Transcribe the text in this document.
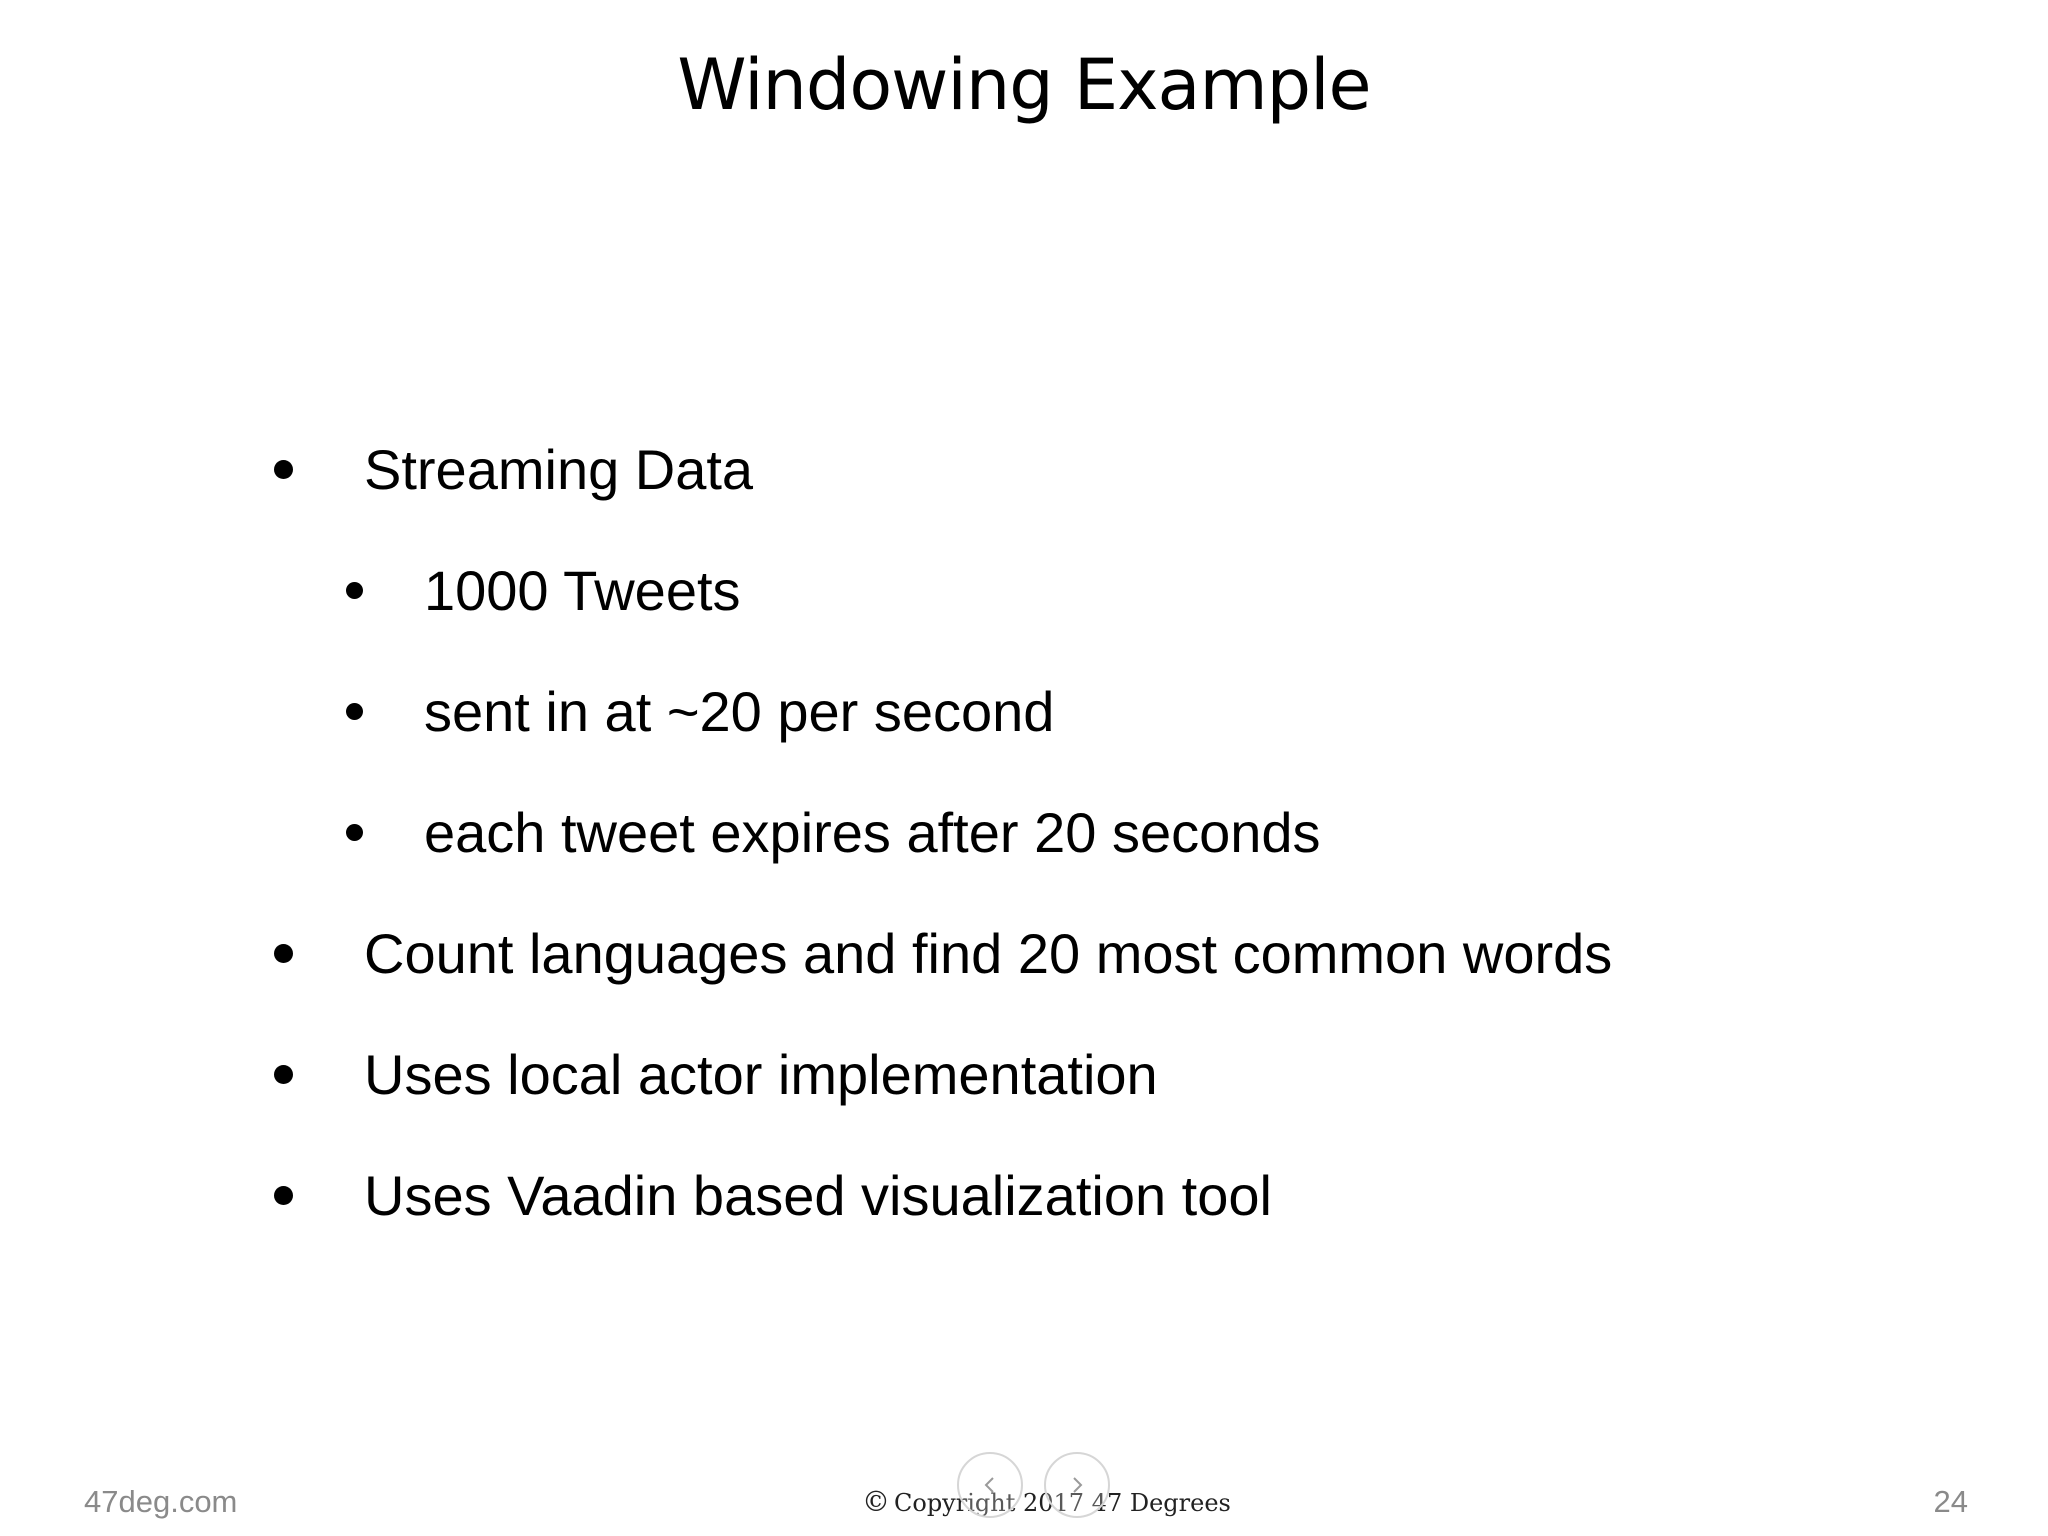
Windowing Example
Streaming Data
1000 Tweets
sent in at ~20 per second
each tweet expires after 20 seconds
Count languages and find 20 most common words
Uses local actor implementation
Uses Vaadin based visualization tool
47deg.com	© Copyright 2017 47 Degrees	24
